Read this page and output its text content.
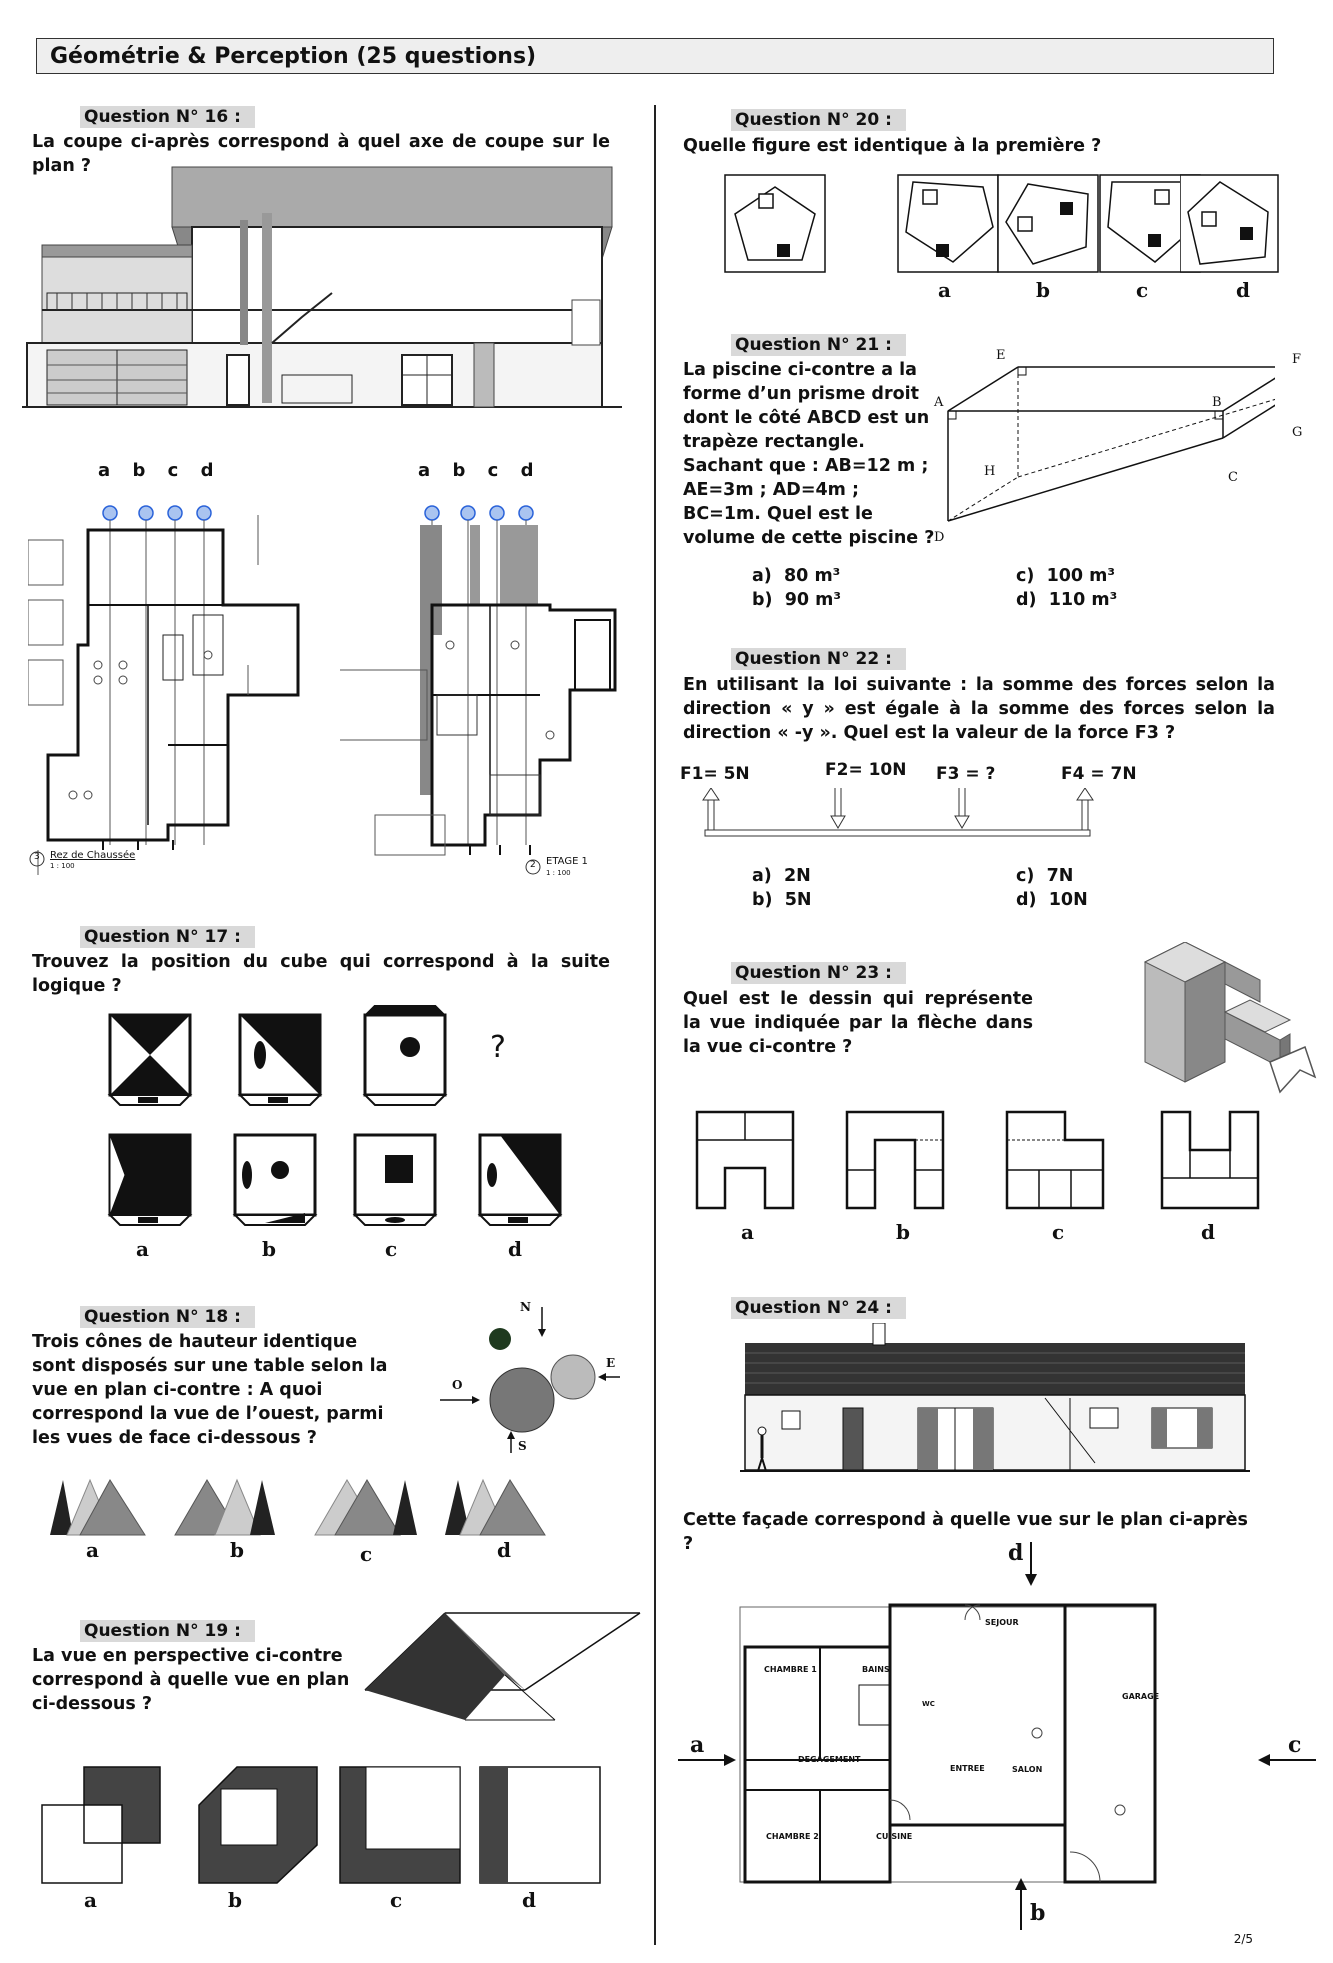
Géométrie & Perception (25 questions)
Question N° 16 :
La coupe ci-après correspond à quel axe de coupe sur le plan ?
a b c d	a b c d
3 Rez de Chaussée
1 : 100	2 ETAGE 1
1 : 100
Question N° 17 :
Trouvez la position du cube qui correspond à la suite logique ?
?
a	b	c	d
Question N° 18 :
Trois cônes de hauteur identique sont disposés sur une table selon la vue en plan ci-contre : A quoi correspond la vue de l’ouest, parmi les vues de face ci-dessous ?
N
S
O
E
a	b	c	d
Question N° 19 :
La vue en perspective ci-contre correspond à quelle vue en plan ci-dessous ?
a	b	c	d
Question N° 20 :
Quelle figure est identique à la première ?
a	b	c	d
Question N° 21 :
La piscine ci-contre a la forme d’un prisme droit dont le côté ABCD est un trapèze rectangle. Sachant que : AB=12 m ; AE=3m ; AD=4m ; BC=1m. Quel est le volume de cette piscine ?
A	B
C
D
E	F
G
H
a) 80 m³
b) 90 m³
c) 100 m³
d) 110 m³
Question N° 22 :
En utilisant la loi suivante : la somme des forces selon la direction « y » est égale à la somme des forces selon la direction « -y ». Quel est la valeur de la force F3 ?
F1= 5N	F2= 10N F3 = ?	F4 = 7N
a) 2N
b) 5N
c) 7N
d) 10N
Question N° 23 :
Quel est le dessin qui représente la vue indiquée par la flèche dans la vue ci-contre ?
a	b	c	d
Question N° 24 :
Cette façade correspond à quelle vue sur le plan ci-après ?
SEJOUR
CHAMBRE 1	BAINS
WC
GARAGE
DEGAGEMENT
ENTREE	SALON
CHAMBRE 2	CUISINE
d
a	c
b
2/5
